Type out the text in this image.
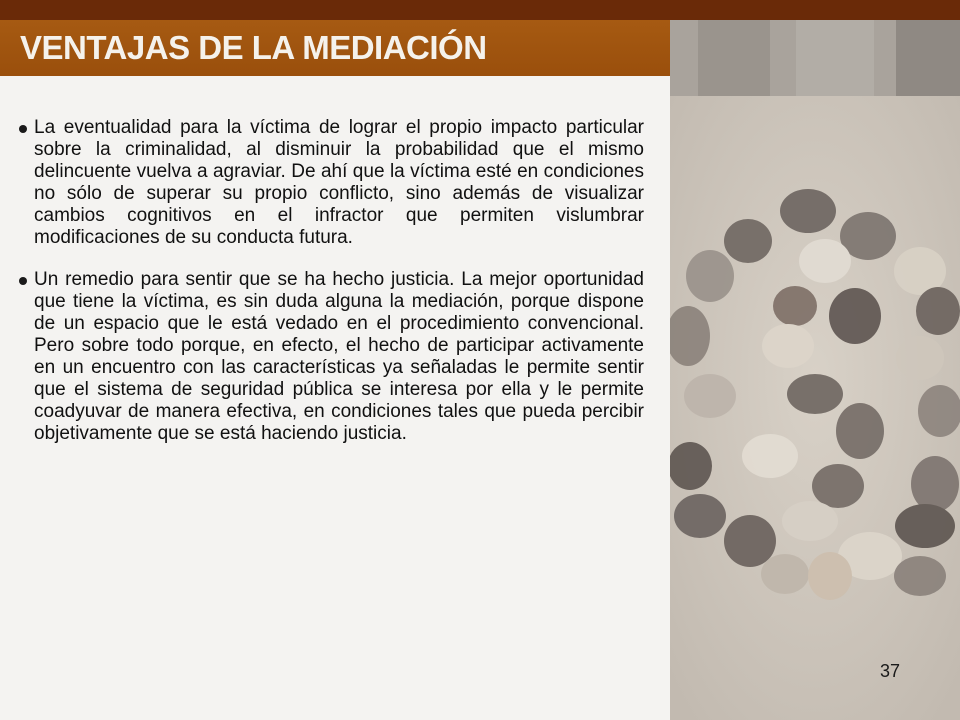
VENTAJAS DE LA MEDIACIÓN
La eventualidad para la víctima de lograr el propio impacto particular sobre la criminalidad, al disminuir la probabilidad que el mismo delincuente vuelva a agraviar. De ahí que la víctima esté en condiciones no sólo de superar su propio conflicto, sino además de visualizar cambios cognitivos en el infractor que permiten vislumbrar modificaciones de su conducta futura.
Un remedio para sentir que se ha hecho justicia. La mejor oportunidad que tiene la víctima, es sin duda alguna la mediación, porque dispone de un espacio que le está vedado en el procedimiento convencional. Pero sobre todo porque, en efecto, el hecho de participar activamente en un encuentro con las características ya señaladas le permite sentir que el sistema de seguridad pública se interesa por ella y le permite coadyuvar de manera efectiva, en condiciones tales que pueda percibir objetivamente que se está haciendo justicia.
37
